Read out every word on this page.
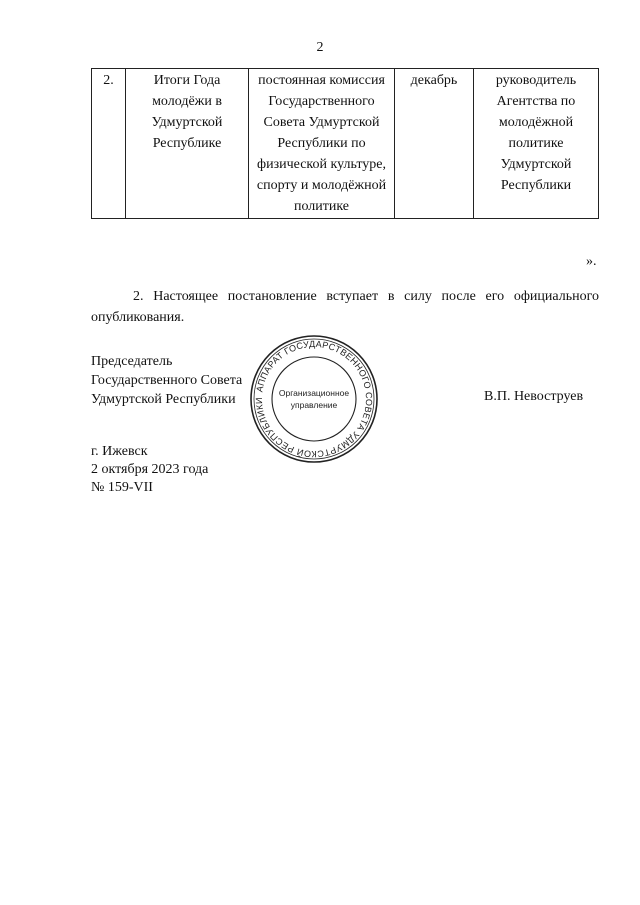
2
2.	Итоги Года молодёжи в Удмуртской Республике	постоянная комиссия Государственного Совета Удмуртской Республики по физической культуре, спорту и молодёжной политике	декабрь	руководитель Агентства по молодёжной политике Удмуртской Республики
».
2. Настоящее постановление вступает в силу после его официального опубликования.
Председатель
Государственного Совета
Удмуртской Республики
АППАРАТ ГОСУДАРСТВЕННОГО СОВЕТА УДМУРТСКОЙ РЕСПУБЛИКИ
Организационное
управление
В.П. Невоструев
г. Ижевск
2 октября 2023 года
№ 159-VII
